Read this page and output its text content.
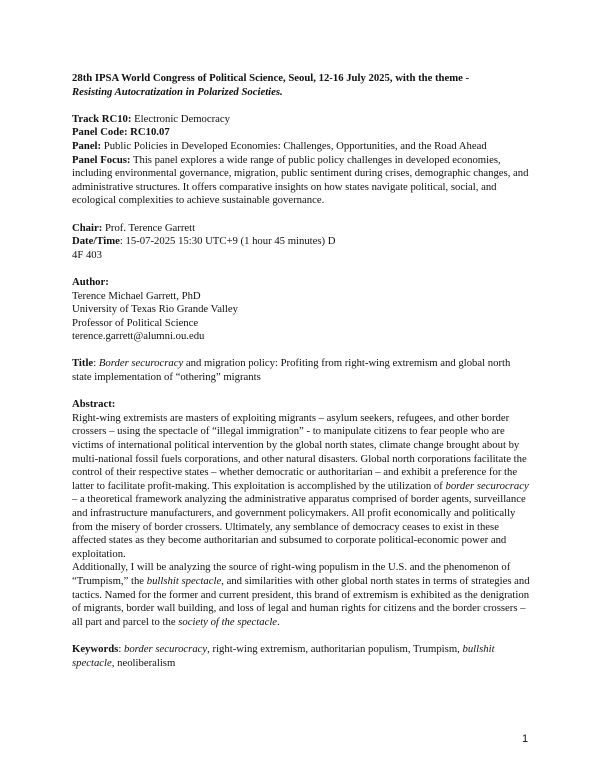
28th IPSA World Congress of Political Science, Seoul, 12-16 July 2025, with the theme -
Resisting Autocratization in Polarized Societies.

Track RC10: Electronic Democracy

Panel Code: RC10.07

Panel: Public Policies in Developed Economies: Challenges, Opportunities, and the Road Ahead

Panel Focus: This panel explores a wide range of public policy challenges in developed economies, including environmental governance, migration, public sentiment during crises, demographic changes, and administrative structures. It offers comparative insights on how states navigate political, social, and ecological complexities to achieve sustainable governance.

Chair: Prof. Terence Garrett

Date/Time: 15-07-2025 15:30 UTC+9 (1 hour 45 minutes) D

4F 403

Author:

Terence Michael Garrett, PhD

University of Texas Rio Grande Valley

Professor of Political Science

terence.garrett@alumni.ou.edu

Title: Border securocracy and migration policy: Profiting from right-wing extremism and global north state implementation of “othering” migrants

Abstract:

Right-wing extremists are masters of exploiting migrants – asylum seekers, refugees, and other border crossers – using the spectacle of “illegal immigration” - to manipulate citizens to fear people who are victims of international political intervention by the global north states, climate change brought about by multi-national fossil fuels corporations, and other natural disasters. Global north corporations facilitate the control of their respective states – whether democratic or authoritarian – and exhibit a preference for the latter to facilitate profit-making. This exploitation is accomplished by the utilization of border securocracy – a theoretical framework analyzing the administrative apparatus comprised of border agents, surveillance and infrastructure manufacturers, and government policymakers. All profit economically and politically from the misery of border crossers. Ultimately, any semblance of democracy ceases to exist in these affected states as they become authoritarian and subsumed to corporate political-economic power and exploitation.

Additionally, I will be analyzing the source of right-wing populism in the U.S. and the phenomenon of “Trumpism,” the bullshit spectacle, and similarities with other global north states in terms of strategies and tactics. Named for the former and current president, this brand of extremism is exhibited as the denigration of migrants, border wall building, and loss of legal and human rights for citizens and the border crossers – all part and parcel to the society of the spectacle.

Keywords: border securocracy, right-wing extremism, authoritarian populism, Trumpism, bullshit spectacle, neoliberalism

1
